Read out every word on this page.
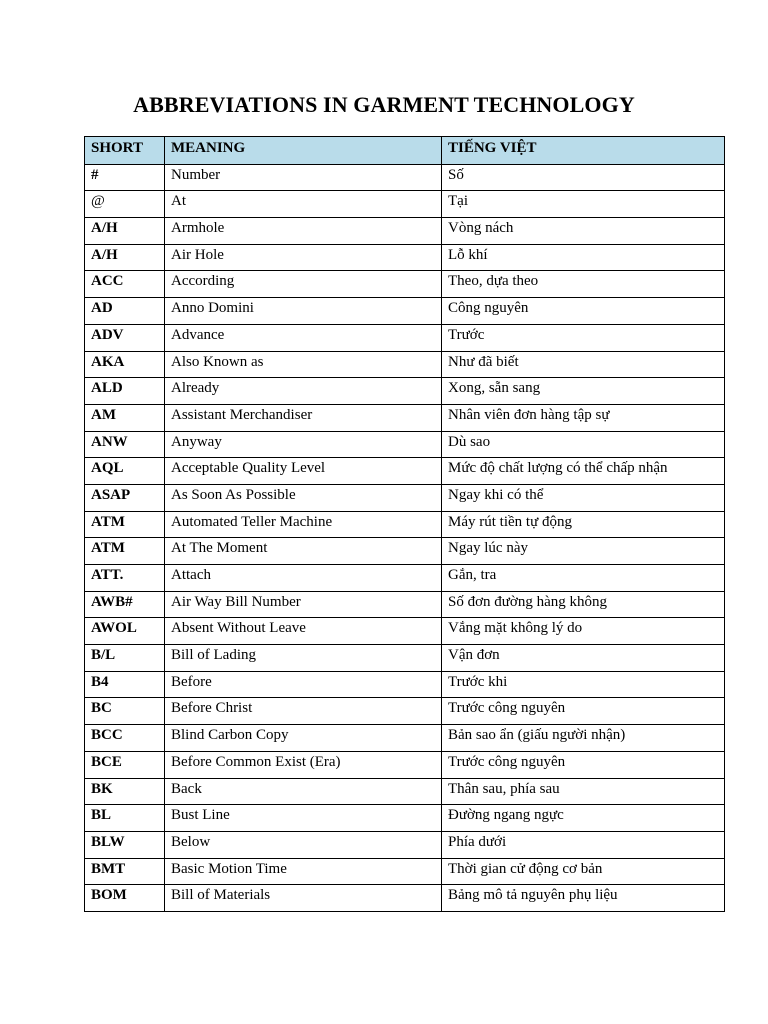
ABBREVIATIONS IN GARMENT TECHNOLOGY
SHORT	MEANING	TIẾNG VIỆT
#	Number	Số
@	At	Tại
A/H	Armhole	Vòng nách
A/H	Air Hole	Lỗ khí
ACC	According	Theo, dựa theo
AD	Anno Domini	Công nguyên
ADV	Advance	Trước
AKA	Also Known as	Như đã biết
ALD	Already	Xong, sẵn sang
AM	Assistant Merchandiser	Nhân viên đơn hàng tập sự
ANW	Anyway	Dù sao
AQL	Acceptable Quality Level	Mức độ chất lượng có thể chấp nhận
ASAP	As Soon As Possible	Ngay khi có thể
ATM	Automated Teller Machine	Máy rút tiền tự động
ATM	At The Moment	Ngay lúc này
ATT.	Attach	Gắn, tra
AWB#	Air Way Bill Number	Số đơn đường hàng không
AWOL	Absent Without Leave	Vắng mặt không lý do
B/L	Bill of Lading	Vận đơn
B4	Before	Trước khi
BC	Before Christ	Trước công nguyên
BCC	Blind Carbon Copy	Bản sao ẩn (giấu người nhận)
BCE	Before Common Exist (Era)	Trước công nguyên
BK	Back	Thân sau, phía sau
BL	Bust Line	Đường ngang ngực
BLW	Below	Phía dưới
BMT	Basic Motion Time	Thời gian cử động cơ bản
BOM	Bill of Materials	Bảng mô tả nguyên phụ liệu
